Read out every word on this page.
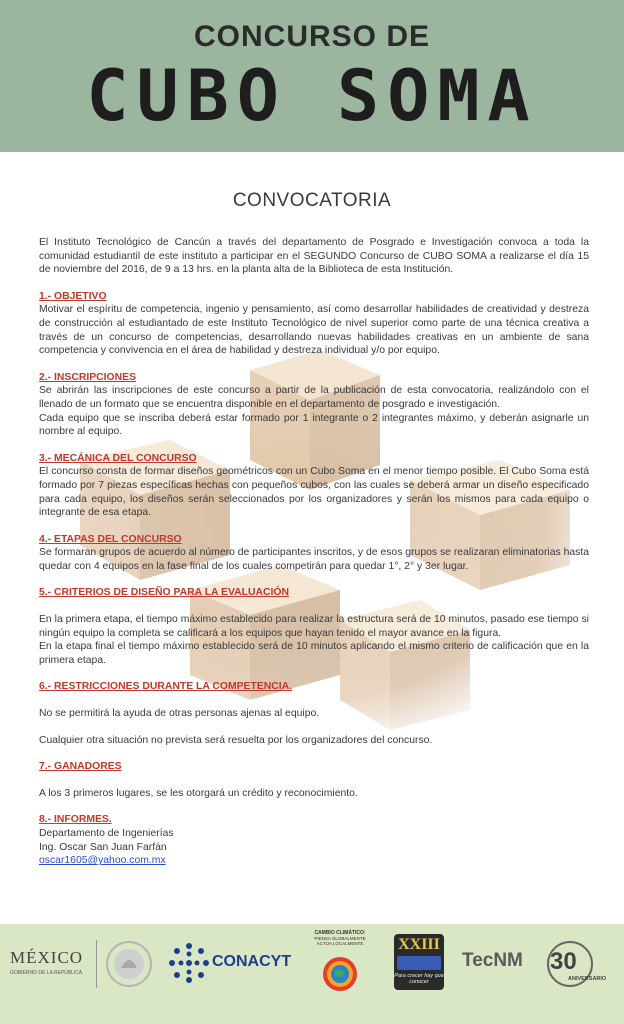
CONCURSO DE
CUBO SOMA
CONVOCATORIA

El Instituto Tecnológico de Cancún a través del departamento de Posgrado e Investigación convoca a toda la comunidad estudiantil de este instituto a participar en el SEGUNDO Concurso de CUBO SOMA a realizarse el día 15 de noviembre del 2016, de 9 a 13 hrs. en la planta alta de la Biblioteca de esta Institución.

1.- OBJETIVO

Motivar el espíritu de competencia, ingenio y pensamiento, así como desarrollar habilidades de creatividad y destreza de construcción al estudiantado de este Instituto Tecnológico de nivel superior como parte de una técnica creativa a través de un concurso de competencias, desarrollando nuevas habilidades creativas en un ambiente de sana competencia y convivencia en el área de habilidad y destreza individual y/o por equipo.

2.- INSCRIPCIONES

Se abrirán las inscripciones de este concurso a partir de la publicación de esta convocatoria, realizándolo con el llenado de un formato que se encuentra disponible en el departamento de posgrado e investigación.

Cada equipo que se inscriba deberá estar formado por 1 integrante o 2 integrantes máximo, y deberán asignarle un nombre al equipo.

3.- MECÁNICA DEL CONCURSO

El concurso consta de formar diseños geométricos con un Cubo Soma en el menor tiempo posible. El Cubo Soma está formado por 7 piezas específicas hechas con pequeños cubos, con las cuales se deberá armar un diseño especificado para cada equipo, los diseños serán seleccionados por los organizadores y serán los mismos para cada equipo o integrante de esa etapa.

4.- ETAPAS DEL CONCURSO

Se formaran grupos de acuerdo al número de participantes inscritos, y de esos grupos se realizaran eliminatorias hasta quedar con 4 equipos en la fase final de los cuales competirán para quedar 1°, 2° y 3er lugar.

5.- CRITERIOS DE DISEÑO PARA LA EVALUACIÓN

En la primera etapa, el tiempo máximo establecido para realizar la estructura será de 10 minutos, pasado ese tiempo si ningún equipo la completa se calificará a los equipos que hayan tenido el mayor avance en la figura.

En la etapa final el tiempo máximo establecido será de 10 minutos aplicando el mismo criterio de calificación que en la primera etapa.

6.- RESTRICCIONES DURANTE LA COMPETENCIA.

No se permitirá la ayuda de otras personas ajenas al equipo.

Cualquier otra situación no prevista será resuelta por los organizadores del concurso.

7.- GANADORES

A los 3 primeros lugares, se les otorgará un crédito y reconocimiento.

8.- INFORMES.

Departamento de Ingenierías

Ing. Oscar San Juan Farfán

oscar1605@yahoo.com.mx

MÉXICO
GOBIERNO DE LA REPÚBLICA
CONACYT
CAMBIO CLIMÁTICO:
PIENSA GLOBALMENTE
ACTÚA LOCALMENTE	XXIII
Para crecer hay que conocer
TecNM 30
ANIVERSARIO
